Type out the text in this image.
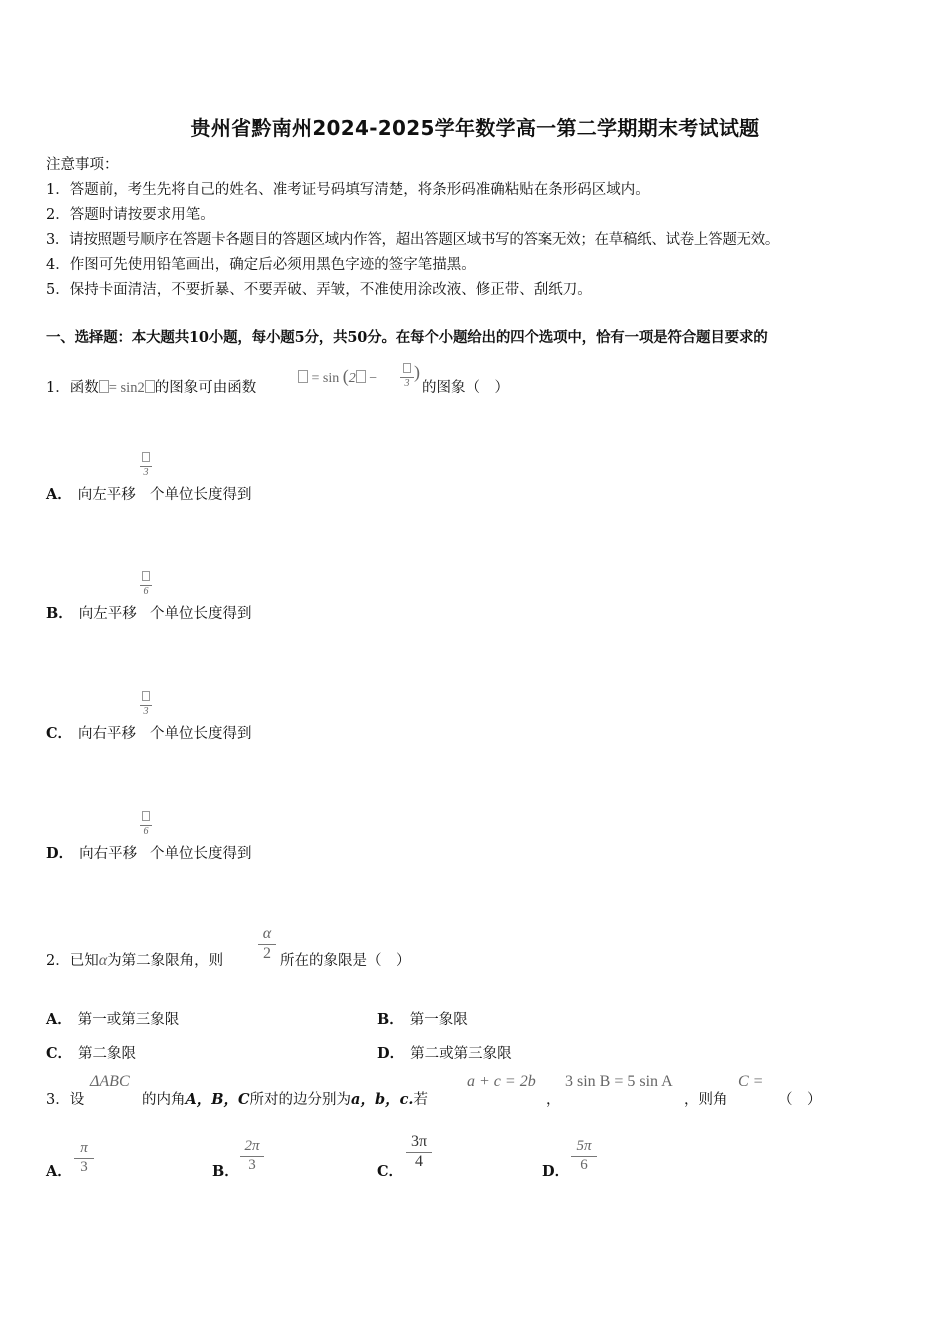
贵州省黔南州2024-2025学年数学高一第二学期期末考试试题
注意事项：
1．答题前，考生先将自己的姓名、准考证号码填写清楚，将条形码准确粘贴在条形码区域内。
2．答题时请按要求用笔。
3．请按照题号顺序在答题卡各题目的答题区域内作答，超出答题区域书写的答案无效；在草稿纸、试卷上答题无效。
4．作图可先使用铅笔画出，确定后必须用黑色字迹的签字笔描黑。
5．保持卡面清洁，不要折暴、不要弄破、弄皱，不准使用涂改液、修正带、刮纸刀。
一、选择题：本大题共10小题，每小题5分，共50分。在每个小题给出的四个选项中，恰有一项是符合题目要求的
1．函数 = sin2 的图象可由函数
= sin (2 −	3
)
的图象（　）
A． 向左平移
3
个单位长度得到
B． 向左平移
6
个单位长度得到
C． 向右平移
3
个单位长度得到
D． 向右平移
6
个单位长度得到
2．已知α为第二象限角，则
α
2 所在的象限是（　）
A． 第一或第三象限	B． 第一象限
C． 第二象限	D． 第二或第三象限
3．设
ΔABC
的内角A，B，C所对的边分别为a，b，c.若
a + c = 2b
，
3 sin B = 5 sin A
，则角
C =
（　）
A．
π
3	B．
2π
3	C．
3π
4
D．
5π
6
